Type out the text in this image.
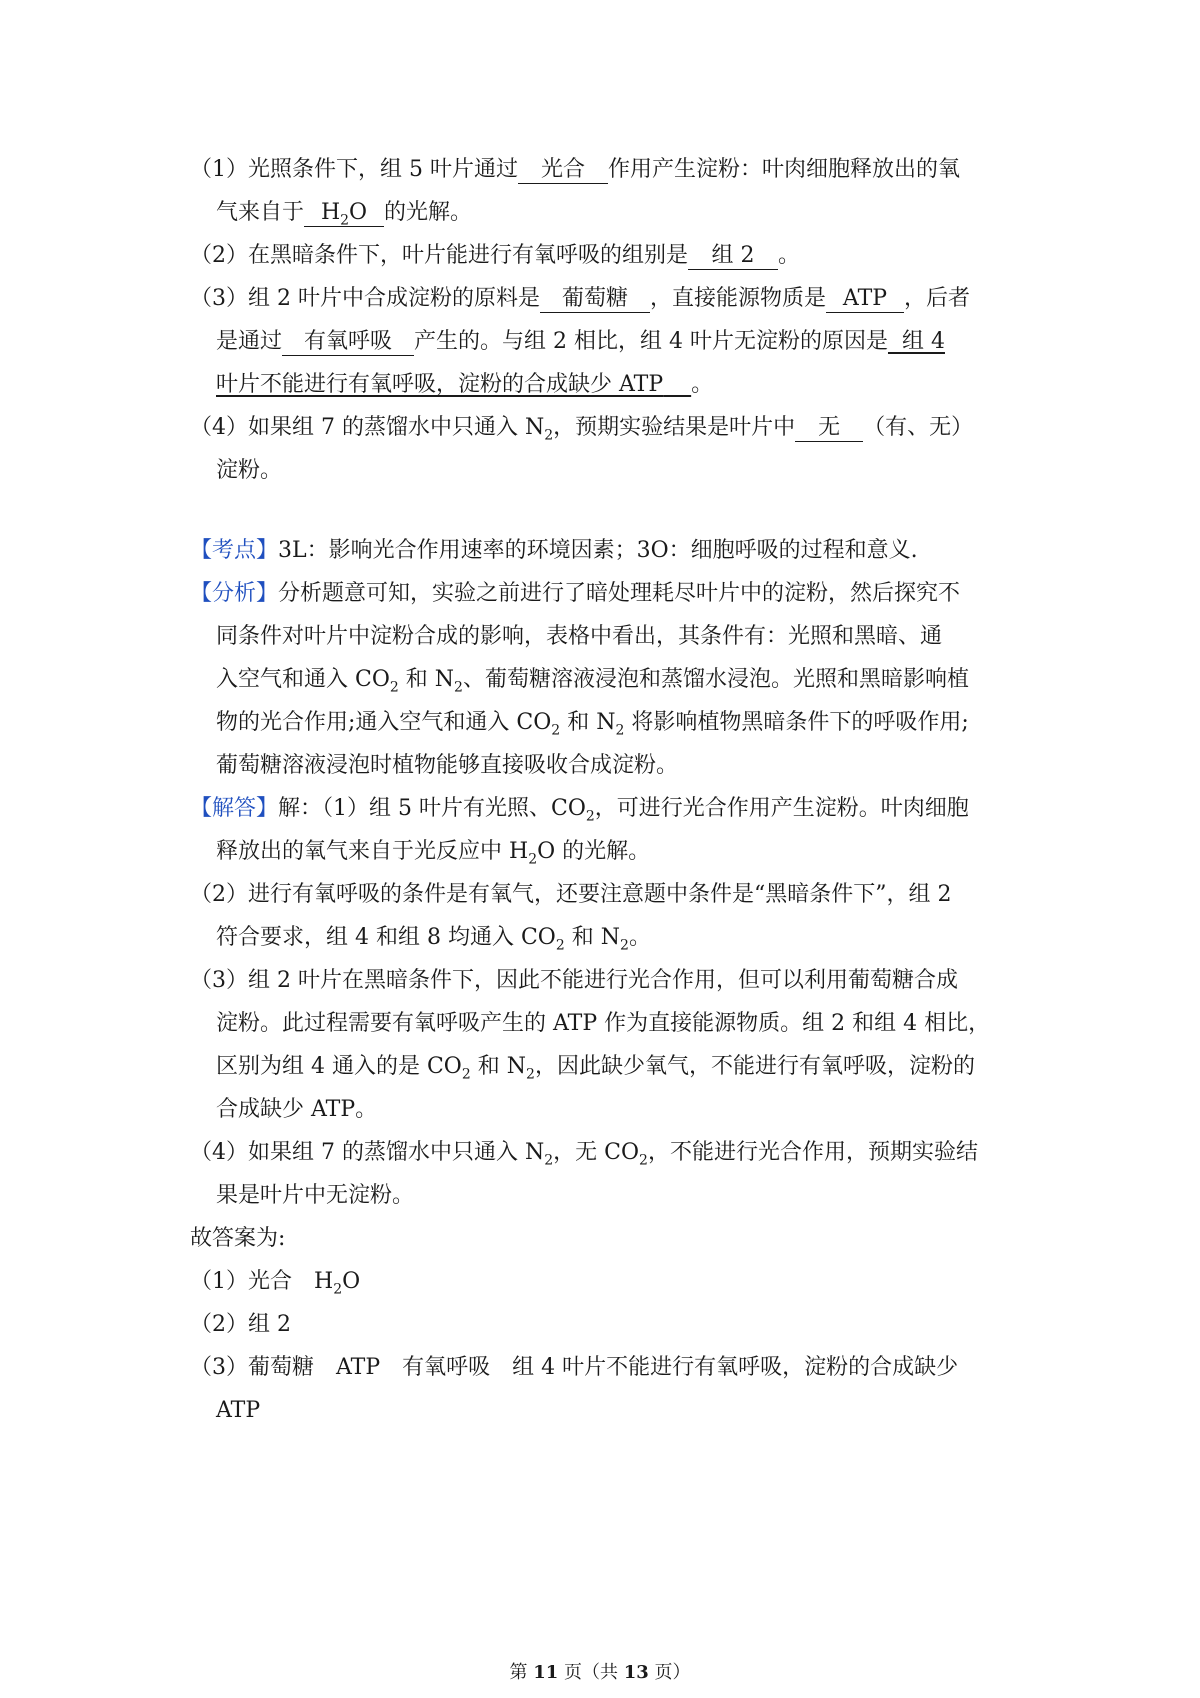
（1）光照条件下，组 5 叶片通过 光合 作用产生淀粉：叶肉细胞释放出的氧
气来自于 $H_2O$ 的光解。
（2）在黑暗条件下，叶片能进行有氧呼吸的组别是 组 2 。
（3）组 2 叶片中合成淀粉的原料是 葡萄糖 ，直接能源物质是 ATP ，后者
是通过 有氧呼吸 产生的。与组 2 相比，组 4 叶片无淀粉的原因是 组 4
叶片不能进行有氧呼吸，淀粉的合成缺少 ATP 。
（4）如果组 7 的蒸馏水中只通入 $N_2$，预期实验结果是叶片中 无 （有、无）
淀粉。
【考点】3L：影响光合作用速率的环境因素；3O：细胞呼吸的过程和意义.
【分析】分析题意可知，实验之前进行了暗处理耗尽叶片中的淀粉，然后探究不
同条件对叶片中淀粉合成的影响，表格中看出，其条件有：光照和黑暗、通
入空气和通入 $CO_2$ 和 $N_2$、葡萄糖溶液浸泡和蒸馏水浸泡。光照和黑暗影响植
物的光合作用;通入空气和通入 $CO_2$ 和 $N_2$ 将影响植物黑暗条件下的呼吸作用;
葡萄糖溶液浸泡时植物能够直接吸收合成淀粉。
【解答】解：（1）组 5 叶片有光照、$CO_2$，可进行光合作用产生淀粉。叶肉细胞
释放出的氧气来自于光反应中 $H_2O$ 的光解。
（2）进行有氧呼吸的条件是有氧气，还要注意题中条件是“黑暗条件下”，组 2
符合要求，组 4 和组 8 均通入 $CO_2$ 和 $N_2$。
（3）组 2 叶片在黑暗条件下，因此不能进行光合作用，但可以利用葡萄糖合成
淀粉。此过程需要有氧呼吸产生的 ATP 作为直接能源物质。组 2 和组 4 相比，
区别为组 4 通入的是 $CO_2$ 和 $N_2$，因此缺少氧气，不能进行有氧呼吸，淀粉的
合成缺少 ATP。
（4）如果组 7 的蒸馏水中只通入 $N_2$，无 $CO_2$，不能进行光合作用，预期实验结
果是叶片中无淀粉。
故答案为:
（1）光合　$H_2O$
（2）组 2
（3）葡萄糖　ATP　有氧呼吸　组 4 叶片不能进行有氧呼吸，淀粉的合成缺少
ATP
第 11 页（共 13 页）
